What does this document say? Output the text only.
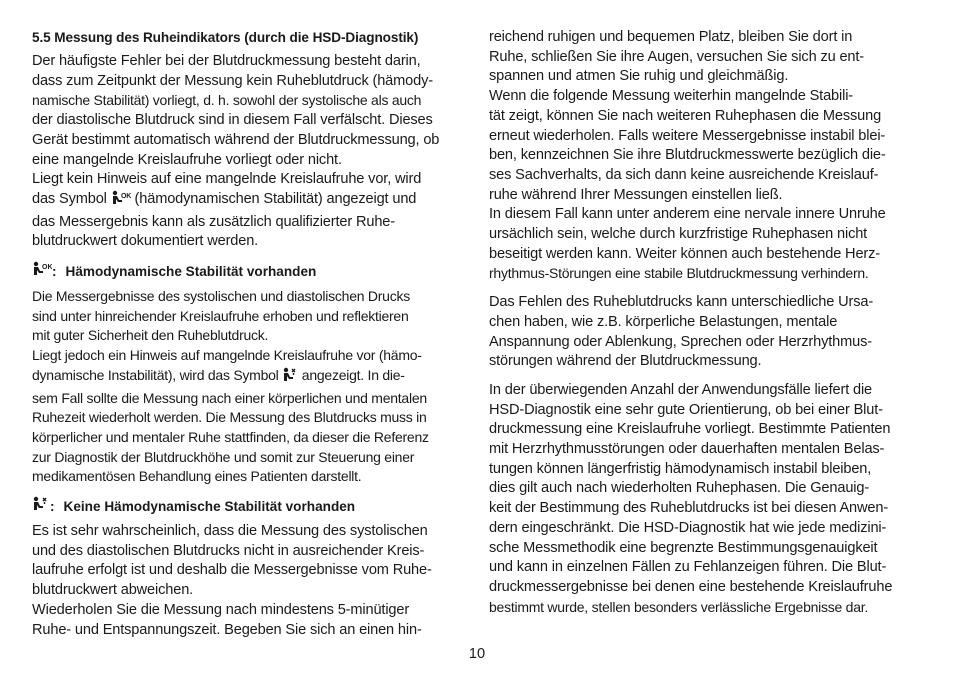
5.5 Messung des Ruheindikators (durch die HSD-Diagnostik)
Der häufigste Fehler bei der Blutdruckmessung besteht darin,
dass zum Zeitpunkt der Messung kein Ruheblutdruck (hämody-
namische Stabilität) vorliegt, d. h. sowohl der systolische als auch
der diastolische Blutdruck sind in diesem Fall verfälscht. Dieses
Gerät bestimmt automatisch während der Blutdruckmessung, ob
eine mangelnde Kreislaufruhe vorliegt oder nicht.
Liegt kein Hinweis auf eine mangelnde Kreislaufruhe vor, wird
das Symbol OK (hämodynamischen Stabilität) angezeigt und
das Messergebnis kann als zusätzlich qualifizierter Ruhe-
blutdruckwert dokumentiert werden.
OK : Hämodynamische Stabilität vorhanden
Die Messergebnisse des systolischen und diastolischen Drucks
sind unter hinreichender Kreislaufruhe erhoben und reflektieren
mit guter Sicherheit den Ruheblutdruck.
Liegt jedoch ein Hinweis auf mangelnde Kreislaufruhe vor (hämo-
dynamische Instabilität), wird das Symbol  angezeigt. In die-
sem Fall sollte die Messung nach einer körperlichen und mentalen
Ruhezeit wiederholt werden. Die Messung des Blutdrucks muss in
körperlicher und mentaler Ruhe stattfinden, da dieser die Referenz
zur Diagnostik der Blutdruckhöhe und somit zur Steuerung einer
medikamentösen Behandlung eines Patienten darstellt.
: Keine Hämodynamische Stabilität vorhanden
Es ist sehr wahrscheinlich, dass die Messung des systolischen
und des diastolischen Blutdrucks nicht in ausreichender Kreis-
laufruhe erfolgt ist und deshalb die Messergebnisse vom Ruhe-
blutdruckwert abweichen.
Wiederholen Sie die Messung nach mindestens 5-minütiger
Ruhe- und Entspannungszeit. Begeben Sie sich an einen hin-
reichend ruhigen und bequemen Platz, bleiben Sie dort in
Ruhe, schließen Sie ihre Augen, versuchen Sie sich zu ent-
spannen und atmen Sie ruhig und gleichmäßig.
Wenn die folgende Messung weiterhin mangelnde Stabili-
tät zeigt, können Sie nach weiteren Ruhephasen die Messung
erneut wiederholen. Falls weitere Messergebnisse instabil blei-
ben, kennzeichnen Sie ihre Blutdruckmesswerte bezüglich die-
ses Sachverhalts, da sich dann keine ausreichende Kreislauf-
ruhe während Ihrer Messungen einstellen ließ.
In diesem Fall kann unter anderem eine nervale innere Unruhe
ursächlich sein, welche durch kurzfristige Ruhephasen nicht
beseitigt werden kann. Weiter können auch bestehende Herz-
rhythmus-Störungen eine stabile Blutdruckmessung verhindern.
Das Fehlen des Ruheblutdrucks kann unterschiedliche Ursa-
chen haben, wie z.B. körperliche Belastungen, mentale
Anspannung oder Ablenkung, Sprechen oder Herzrhythmus-
störungen während der Blutdruckmessung.
In der überwiegenden Anzahl der Anwendungsfälle liefert die
HSD-Diagnostik eine sehr gute Orientierung, ob bei einer Blut-
druckmessung eine Kreislaufruhe vorliegt. Bestimmte Patienten
mit Herzrhythmusstörungen oder dauerhaften mentalen Belas-
tungen können längerfristig hämodynamisch instabil bleiben,
dies gilt auch nach wiederholten Ruhephasen. Die Genauig-
keit der Bestimmung des Ruheblutdrucks ist bei diesen Anwen-
dern eingeschränkt. Die HSD-Diagnostik hat wie jede medizini-
sche Messmethodik eine begrenzte Bestimmungsgenauigkeit
und kann in einzelnen Fällen zu Fehlanzeigen führen. Die Blut-
druckmessergebnisse bei denen eine bestehende Kreislaufruhe
bestimmt wurde, stellen besonders verlässliche Ergebnisse dar.
10
